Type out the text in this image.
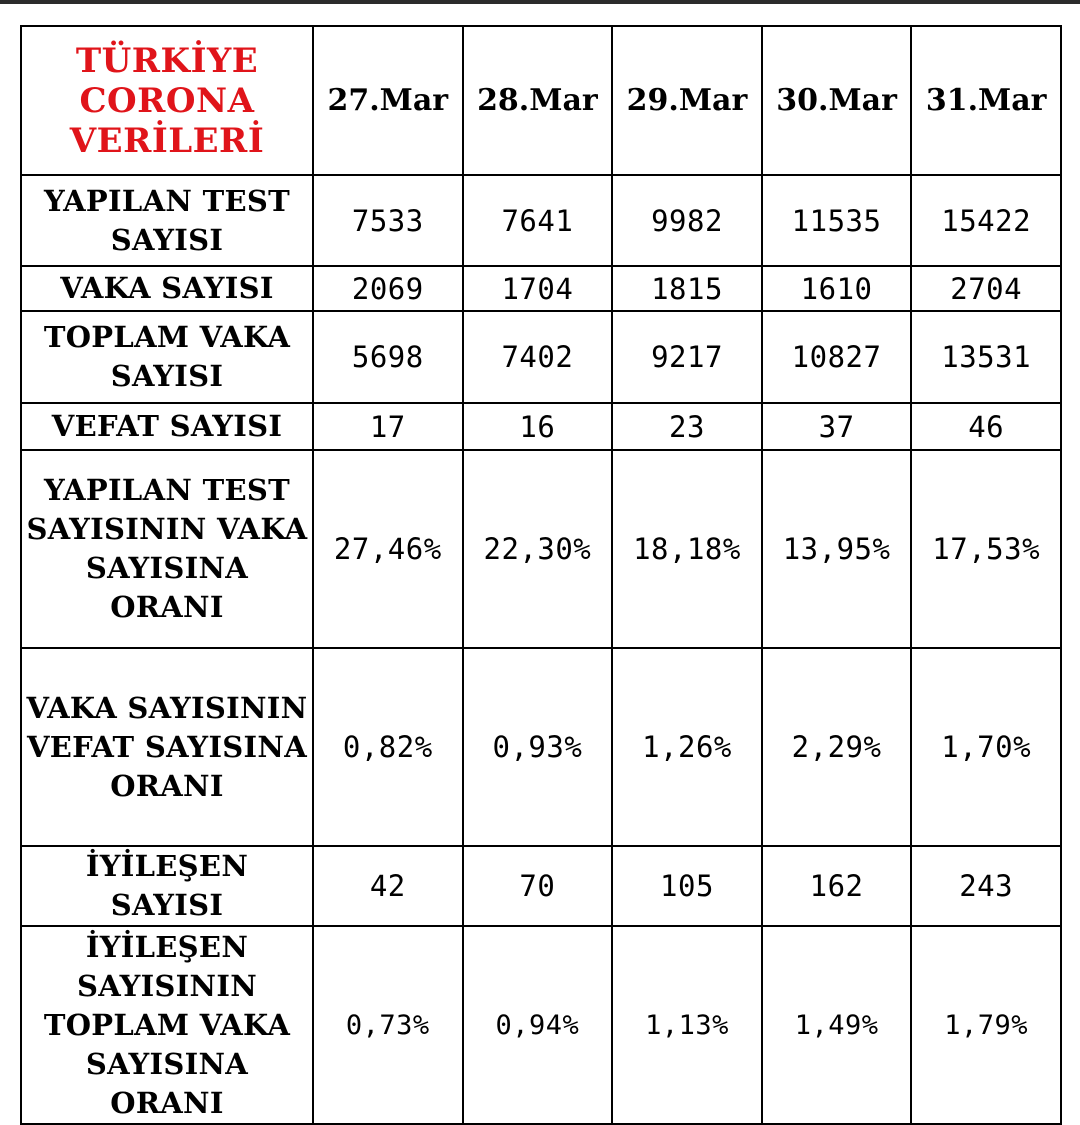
TÜRKİYE
CORONA
VERİLERİ	27.Mar	28.Mar	29.Mar	30.Mar	31.Mar
YAPILAN TEST SAYISI	7533	7641	9982	11535	15422
VAKA SAYISI	2069	1704	1815	1610	2704
TOPLAM VAKA SAYISI	5698	7402	9217	10827	13531
VEFAT SAYISI	17	16	23	37	46
YAPILAN TEST SAYISININ VAKA SAYISINA ORANI	27,46%	22,30%	18,18%	13,95%	17,53%
VAKA SAYISININ VEFAT SAYISINA ORANI	0,82%	0,93%	1,26%	2,29%	1,70%
İYİLEŞEN SAYISI	42	70	105	162	243
İYİLEŞEN SAYISININ TOPLAM VAKA SAYISINA ORANI	0,73%	0,94%	1,13%	1,49%	1,79%
